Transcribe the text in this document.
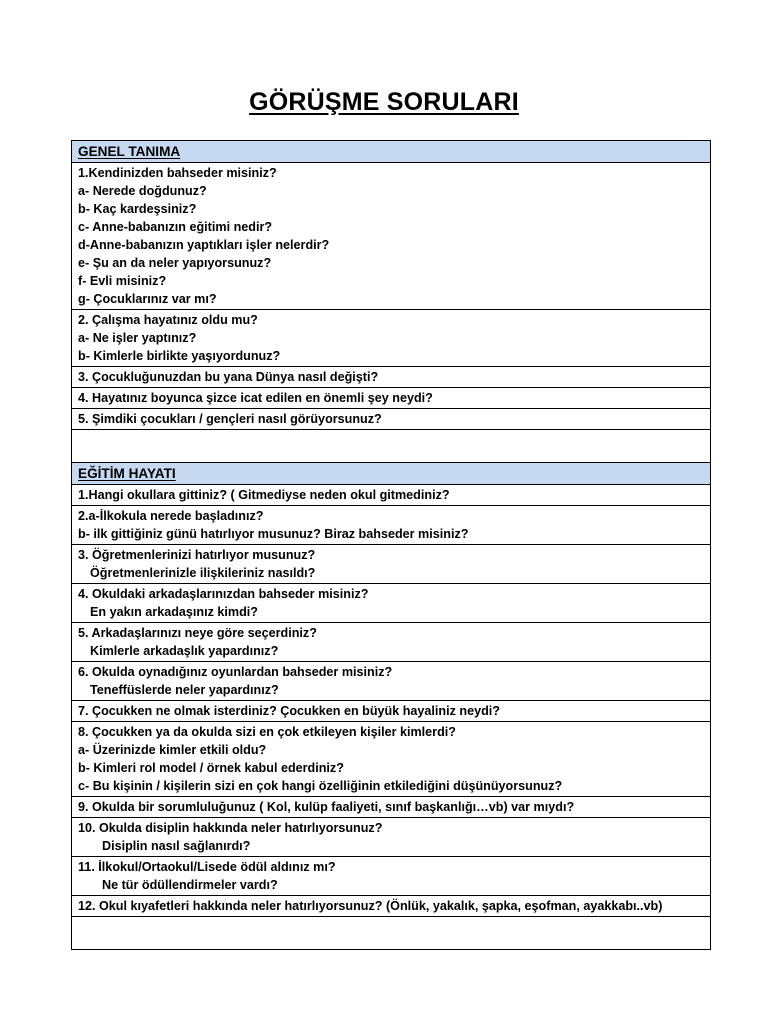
GÖRÜŞME SORULARI
GENEL TANIMA

1.Kendinizden bahseder misiniz?
a- Nerede doğdunuz?
b- Kaç kardeşsiniz?
c- Anne-babanızın eğitimi nedir?
d-Anne-babanızın yaptıkları işler nelerdir?
e- Şu an da neler yapıyorsunuz?
f- Evli misiniz?
g- Çocuklarınız var mı?

2. Çalışma hayatınız oldu mu?
a- Ne işler yaptınız?
b- Kimlerle birlikte yaşıyordunuz?

3. Çocukluğunuzdan bu yana Dünya nasıl değişti?

4. Hayatınız boyunca şizce icat edilen en önemli şey neydi?

5. Şimdiki çocukları / gençleri nasıl görüyorsunuz?

EĞİTİM HAYATI

1.Hangi okullara gittiniz? ( Gitmediyse neden okul gitmediniz?

2.a-İlkokula nerede başladınız?
b- ilk gittiğiniz günü hatırlıyor musunuz? Biraz bahseder misiniz?

3. Öğretmenlerinizi hatırlıyor musunuz?
Öğretmenlerinizle ilişkileriniz nasıldı?

4. Okuldaki arkadaşlarınızdan bahseder misiniz?
En yakın arkadaşınız kimdi?

5. Arkadaşlarınızı neye göre seçerdiniz?
Kimlerle arkadaşlık yapardınız?

6. Okulda oynadığınız oyunlardan bahseder misiniz?
Teneffüslerde neler yapardınız?

7. Çocukken ne olmak isterdiniz? Çocukken en büyük hayaliniz neydi?

8. Çocukken ya da okulda sizi en çok etkileyen kişiler kimlerdi?
a- Üzerinizde kimler etkili oldu?
b- Kimleri rol model / örnek kabul ederdiniz?
c- Bu kişinin / kişilerin sizi en çok hangi özelliğinin etkilediğini düşünüyorsunuz?

9. Okulda bir sorumluluğunuz ( Kol, kulüp faaliyeti, sınıf başkanlığı…vb) var mıydı?

10. Okulda disiplin hakkında neler hatırlıyorsunuz?
Disiplin nasıl sağlanırdı?

11. İlkokul/Ortaokul/Lisede ödül aldınız mı?
Ne tür ödüllendirmeler vardı?

12. Okul kıyafetleri hakkında neler hatırlıyorsunuz? (Önlük, yakalık, şapka, eşofman, ayakkabı..vb)
